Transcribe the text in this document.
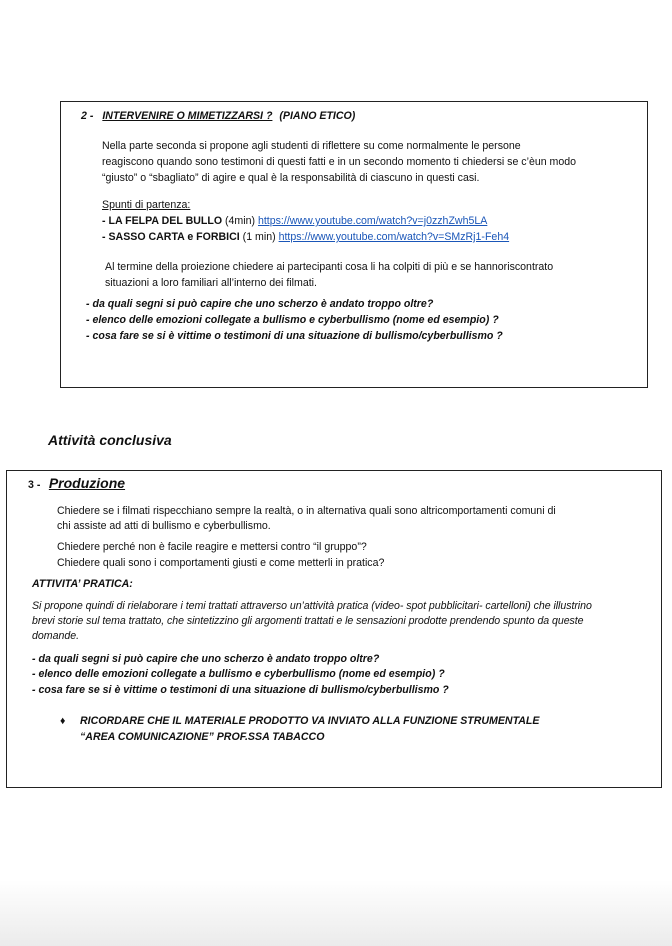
2 - INTERVENIRE O MIMETIZZARSI ? (PIANO ETICO)
Nella parte seconda si propone agli studenti di riflettere su come normalmente le persone
reagiscono quando sono testimoni di questi fatti e in un secondo momento ti chiedersi se c’èun modo
“giusto” o “sbagliato” di agire e qual è la responsabilità di ciascuno in questi casi.
Spunti di partenza:
- LA FELPA DEL BULLO (4min) https://www.youtube.com/watch?v=j0zzhZwh5LA
- SASSO CARTA e FORBICI (1 min) https://www.youtube.com/watch?v=SMzRj1-Feh4
Al termine della proiezione chiedere ai partecipanti cosa li ha colpiti di più e se hannoriscontrato
situazioni a loro familiari all’interno dei filmati.
- da quali segni si può capire che uno scherzo è andato troppo oltre?
- elenco delle emozioni collegate a bullismo e cyberbullismo (nome ed esempio) ?
- cosa fare se si è vittime o testimoni di una situazione di bullismo/cyberbullismo ?
Attività conclusiva
3 - Produzione
Chiedere se i filmati rispecchiano sempre la realtà, o in alternativa quali sono altricomportamenti comuni di
chi assiste ad atti di bullismo e cyberbullismo.
Chiedere perché non è facile reagire e mettersi contro “il gruppo”?
Chiedere quali sono i comportamenti giusti e come metterli in pratica?
ATTIVITA’ PRATICA:
Si propone quindi di rielaborare i temi trattati attraverso un’attività pratica (video- spot pubblicitari- cartelloni) che illustrino
brevi storie sul tema trattato, che sintetizzino gli argomenti trattati e le sensazioni prodotte prendendo spunto da queste
domande.
- da quali segni si può capire che uno scherzo è andato troppo oltre?
- elenco delle emozioni collegate a bullismo e cyberbullismo (nome ed esempio) ?
- cosa fare se si è vittime o testimoni di una situazione di bullismo/cyberbullismo ?
♦ RICORDARE CHE IL MATERIALE PRODOTTO VA INVIATO ALLA FUNZIONE STRUMENTALE
“AREA COMUNICAZIONE” PROF.SSA TABACCO
